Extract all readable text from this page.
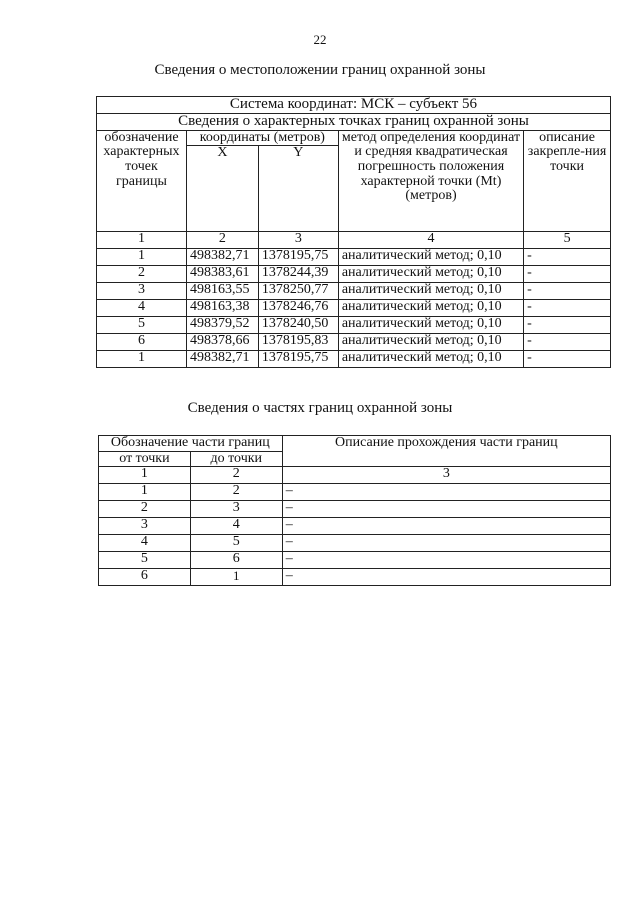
22
Сведения о местоположении границ охранной зоны
Система координат: МСК – субъект 56				
Сведения о характерных точках границ охранной зоны				
обозначение характерных точек границы	координаты (метров)		метод определения координат и средняя квадратическая погрешность положения характерной точки (Mt) (метров)	описание закрепле-ния точки
	X	Y		
1	2	3	4	5
1	498382,71	1378195,75	аналитический метод; 0,10	-
2	498383,61	1378244,39	аналитический метод; 0,10	-
3	498163,55	1378250,77	аналитический метод; 0,10	-
4	498163,38	1378246,76	аналитический метод; 0,10	-
5	498379,52	1378240,50	аналитический метод; 0,10	-
6	498378,66	1378195,83	аналитический метод; 0,10	-
1	498382,71	1378195,75	аналитический метод; 0,10	-
Сведения о частях границ охранной зоны
Обозначение части границ		Описание прохождения части границ
от точки	до точки	
1	2	3
1	2	–
2	3	–
3	4	–
4	5	–
5	6	–
6	1	–
